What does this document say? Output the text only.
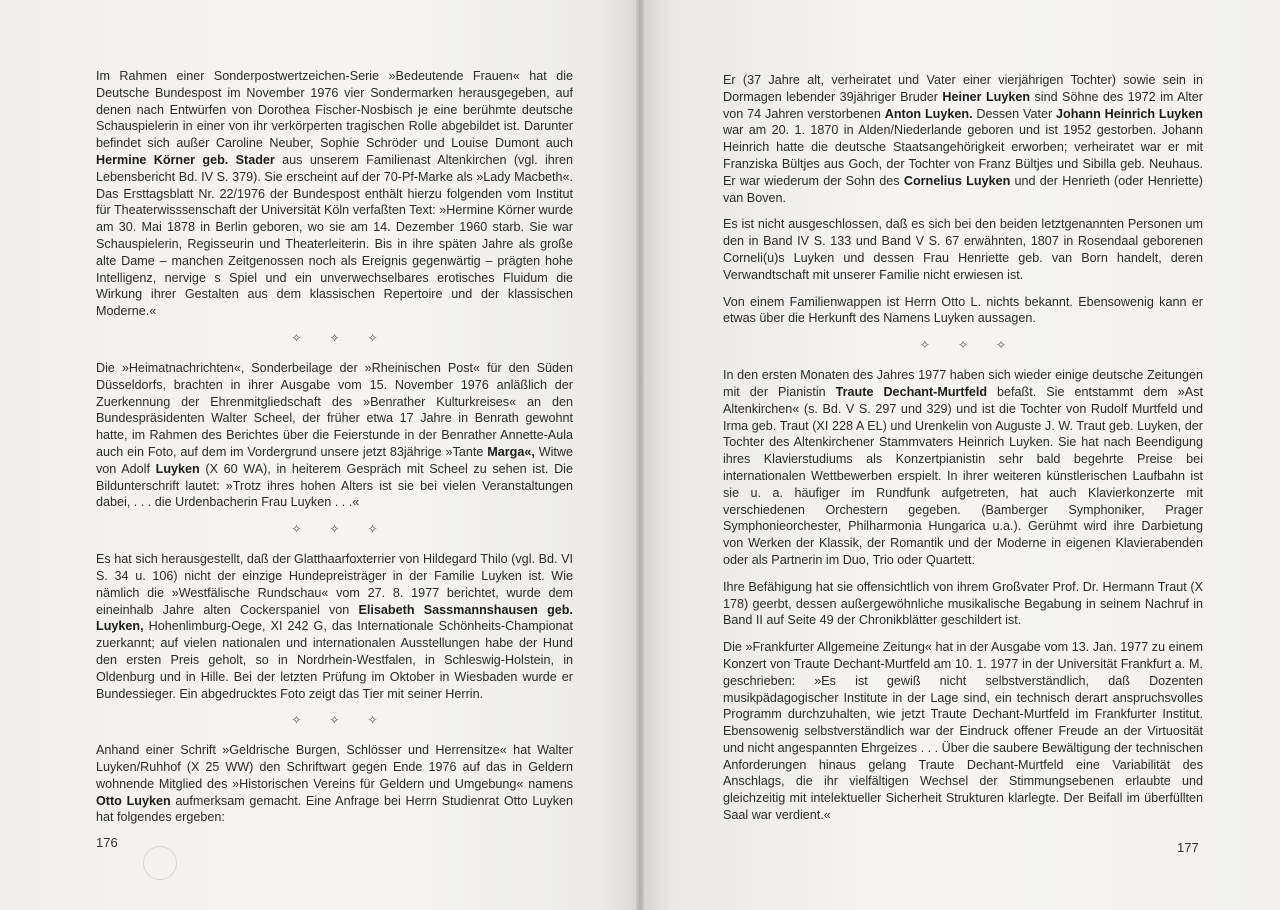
Im Rahmen einer Sonderpostwertzeichen-Serie »Bedeutende Frauen« hat die Deutsche Bundespost im November 1976 vier Sondermarken herausgegeben, auf denen nach Entwürfen von Dorothea Fischer-Nosbisch je eine berühmte deutsche Schauspielerin in einer von ihr verkörperten tragischen Rolle abgebildet ist. Darunter befindet sich außer Caroline Neuber, Sophie Schröder und Louise Dumont auch Hermine Körner geb. Stader aus unserem Familienast Altenkirchen (vgl. ihren Lebensbericht Bd. IV S. 379). Sie erscheint auf der 70-Pf-Marke als »Lady Macbeth«. Das Ersttagsblatt Nr. 22/1976 der Bundespost enthält hierzu folgenden vom Institut für Theaterwisssenschaft der Universität Köln verfaßten Text: »Hermine Körner wurde am 30. Mai 1878 in Berlin geboren, wo sie am 14. Dezember 1960 starb. Sie war Schauspielerin, Regisseurin und Theaterleiterin. Bis in ihre späten Jahre als große alte Dame – manchen Zeitgenossen noch als Ereignis gegenwärtig – prägten hohe Intelligenz, nervige s Spiel und ein unverwechselbares erotisches Fluidum die Wirkung ihrer Gestalten aus dem klassischen Repertoire und der klassischen Moderne.«

✧ ✧ ✧

Die »Heimatnachrichten«, Sonderbeilage der »Rheinischen Post« für den Süden Düsseldorfs, brachten in ihrer Ausgabe vom 15. November 1976 anläßlich der Zuerkennung der Ehrenmitgliedschaft des »Benrather Kulturkreises« an den Bundespräsidenten Walter Scheel, der früher etwa 17 Jahre in Benrath gewohnt hatte, im Rahmen des Berichtes über die Feierstunde in der Benrather Annette-Aula auch ein Foto, auf dem im Vordergrund unsere jetzt 83jährige »Tante Marga«, Witwe von Adolf Luyken (X 60 WA), in heiterem Gespräch mit Scheel zu sehen ist. Die Bildunterschrift lautet: »Trotz ihres hohen Alters ist sie bei vielen Veranstaltungen dabei, . . . die Urdenbacherin Frau Luyken . . .«

✧ ✧ ✧

Es hat sich herausgestellt, daß der Glatthaarfoxterrier von Hildegard Thilo (vgl. Bd. VI S. 34 u. 106) nicht der einzige Hundepreisträger in der Familie Luyken ist. Wie nämlich die »Westfälische Rundschau« vom 27. 8. 1977 berichtet, wurde dem eineinhalb Jahre alten Cockerspaniel von Elisabeth Sassmannshausen geb. Luyken, Hohenlimburg-Oege, XI 242 G, das Internationale Schönheits-Championat zuerkannt; auf vielen nationalen und internationalen Ausstellungen habe der Hund den ersten Preis geholt, so in Nordrhein-Westfalen, in Schleswig-Holstein, in Oldenburg und in Hille. Bei der letzten Prüfung im Oktober in Wiesbaden wurde er Bundessieger. Ein abgedrucktes Foto zeigt das Tier mit seiner Herrin.

✧ ✧ ✧

Anhand einer Schrift »Geldrische Burgen, Schlösser und Herrensitze« hat Walter Luyken/Ruhhof (X 25 WW) den Schriftwart gegen Ende 1976 auf das in Geldern wohnende Mitglied des »Historischen Vereins für Geldern und Umgebung« namens Otto Luyken aufmerksam gemacht. Eine Anfrage bei Herrn Studienrat Otto Luyken hat folgendes ergeben:

176

Er (37 Jahre alt, verheiratet und Vater einer vierjährigen Tochter) sowie sein in Dormagen lebender 39jähriger Bruder Heiner Luyken sind Söhne des 1972 im Alter von 74 Jahren verstorbenen Anton Luyken. Dessen Vater Johann Heinrich Luyken war am 20. 1. 1870 in Alden/Niederlande geboren und ist 1952 gestorben. Johann Heinrich hatte die deutsche Staatsangehörigkeit erworben; verheiratet war er mit Franziska Bültjes aus Goch, der Tochter von Franz Bültjes und Sibilla geb. Neuhaus. Er war wiederum der Sohn des Cornelius Luyken und der Henrieth (oder Henriette) van Boven.

Es ist nicht ausgeschlossen, daß es sich bei den beiden letztgenannten Personen um den in Band IV S. 133 und Band V S. 67 erwähnten, 1807 in Rosendaal geborenen Corneli(u)s Luyken und dessen Frau Henriette geb. van Born handelt, deren Verwandtschaft mit unserer Familie nicht erwiesen ist.

Von einem Familienwappen ist Herrn Otto L. nichts bekannt. Ebensowenig kann er etwas über die Herkunft des Namens Luyken aussagen.

✧ ✧ ✧

In den ersten Monaten des Jahres 1977 haben sich wieder einige deutsche Zeitungen mit der Pianistin Traute Dechant-Murtfeld befaßt. Sie entstammt dem »Ast Altenkirchen« (s. Bd. V S. 297 und 329) und ist die Tochter von Rudolf Murtfeld und Irma geb. Traut (XI 228 A EL) und Urenkelin von Auguste J. W. Traut geb. Luyken, der Tochter des Altenkirchener Stammvaters Heinrich Luyken. Sie hat nach Beendigung ihres Klavierstudiums als Konzertpianistin sehr bald begehrte Preise bei internationalen Wettbewerben erspielt. In ihrer weiteren künstlerischen Laufbahn ist sie u. a. häufiger im Rundfunk aufgetreten, hat auch Klavierkonzerte mit verschiedenen Orchestern gegeben. (Bamberger Symphoniker, Prager Symphonieorchester, Philharmonia Hungarica u.a.). Gerühmt wird ihre Darbietung von Werken der Klassik, der Romantik und der Moderne in eigenen Klavierabenden oder als Partnerin im Duo, Trio oder Quartett.

Ihre Befähigung hat sie offensichtlich von ihrem Großvater Prof. Dr. Hermann Traut (X 178) geerbt, dessen außergewöhnliche musikalische Begabung in seinem Nachruf in Band II auf Seite 49 der Chronikblätter geschildert ist.

Die »Frankfurter Allgemeine Zeitung« hat in der Ausgabe vom 13. Jan. 1977 zu einem Konzert von Traute Dechant-Murtfeld am 10. 1. 1977 in der Universität Frankfurt a. M. geschrieben: »Es ist gewiß nicht selbstverständlich, daß Dozenten musikpädagogischer Institute in der Lage sind, ein technisch derart anspruchsvolles Programm durchzuhalten, wie jetzt Traute Dechant-Murtfeld im Frankfurter Institut. Ebensowenig selbstverständlich war der Eindruck offener Freude an der Virtuosität und nicht angespannten Ehrgeizes . . . Über die saubere Bewältigung der technischen Anforderungen hinaus gelang Traute Dechant-Murtfeld eine Variabilität des Anschlags, die ihr vielfältigen Wechsel der Stimmungsebenen erlaubte und gleichzeitig mit intelektueller Sicherheit Strukturen klarlegte. Der Beifall im überfüllten Saal war verdient.«

177
